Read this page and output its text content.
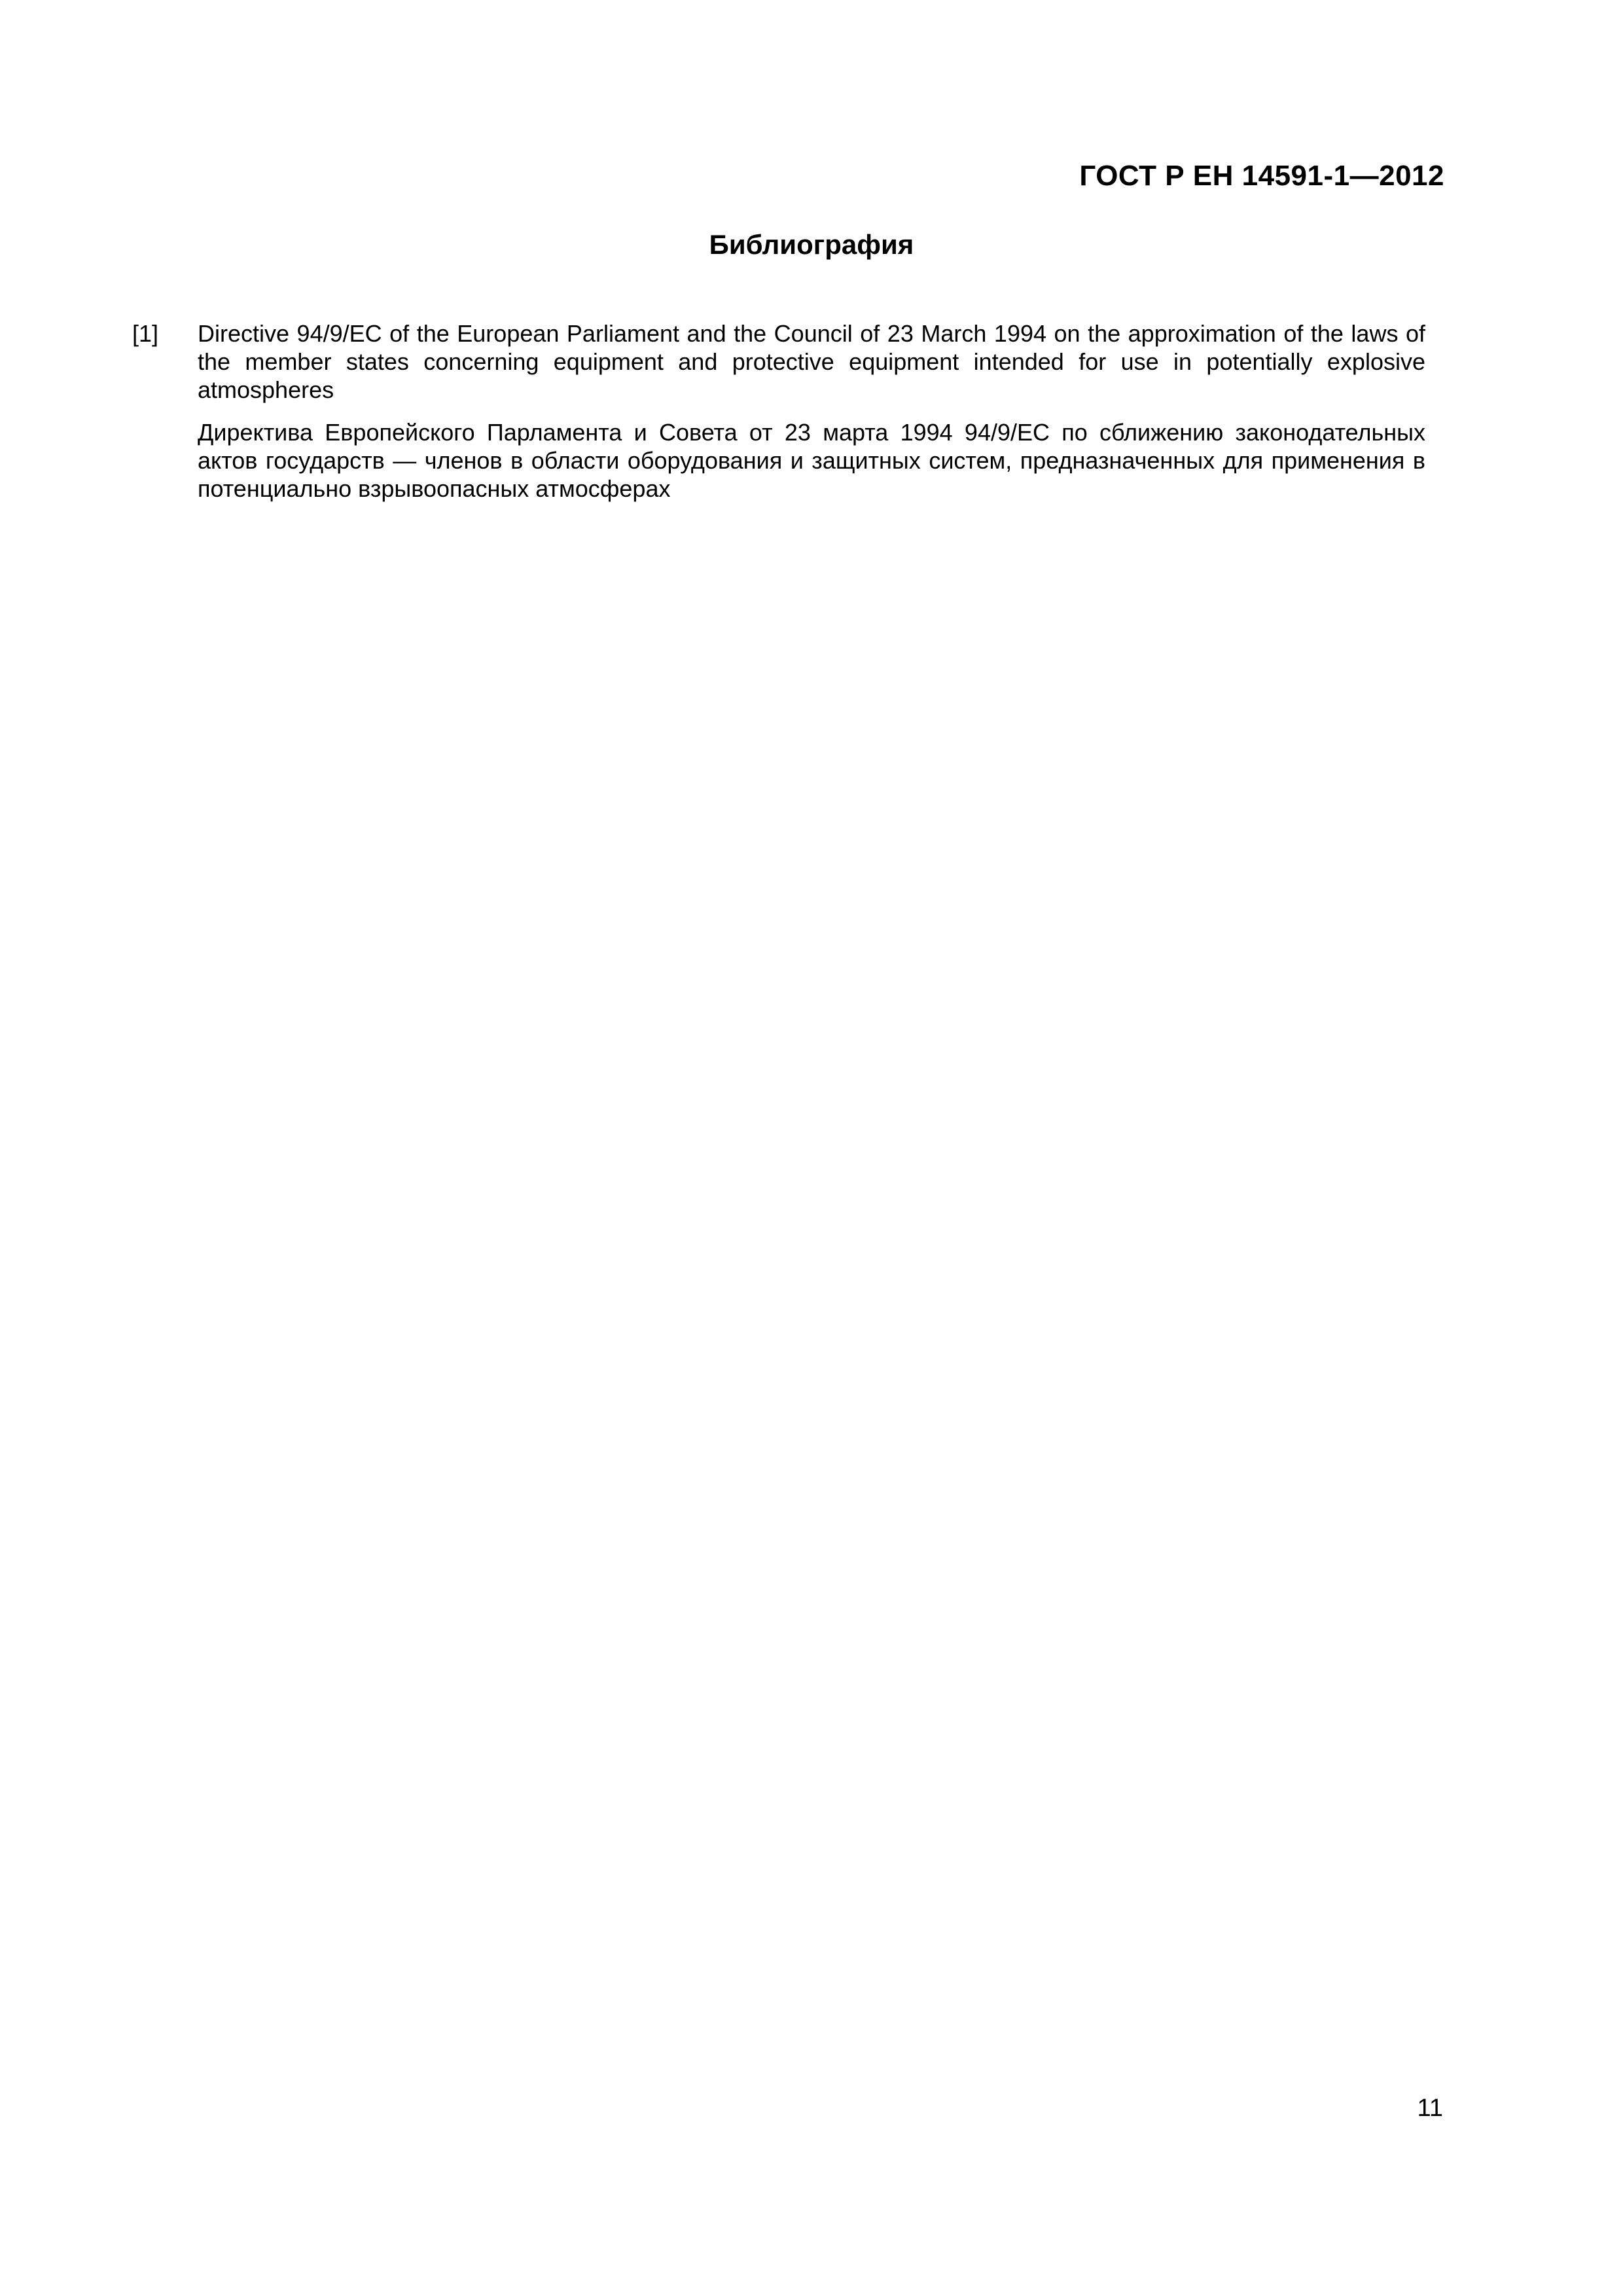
ГОСТ Р ЕН 14591-1—2012
Библиография
[1]	Directive 94/9/EC of the European Parliament and the Council of 23 March 1994 on the approximation of the laws of the member states concerning equipment and protective equipment intended for use in potentially explosive atmospheres

Директива Европейского Парламента и Совета от 23 марта 1994 94/9/ЕС по сближению законодательных актов государств — членов в области оборудования и защитных систем, предназначенных для применения в потенциально взрывоопасных атмосферах

11
